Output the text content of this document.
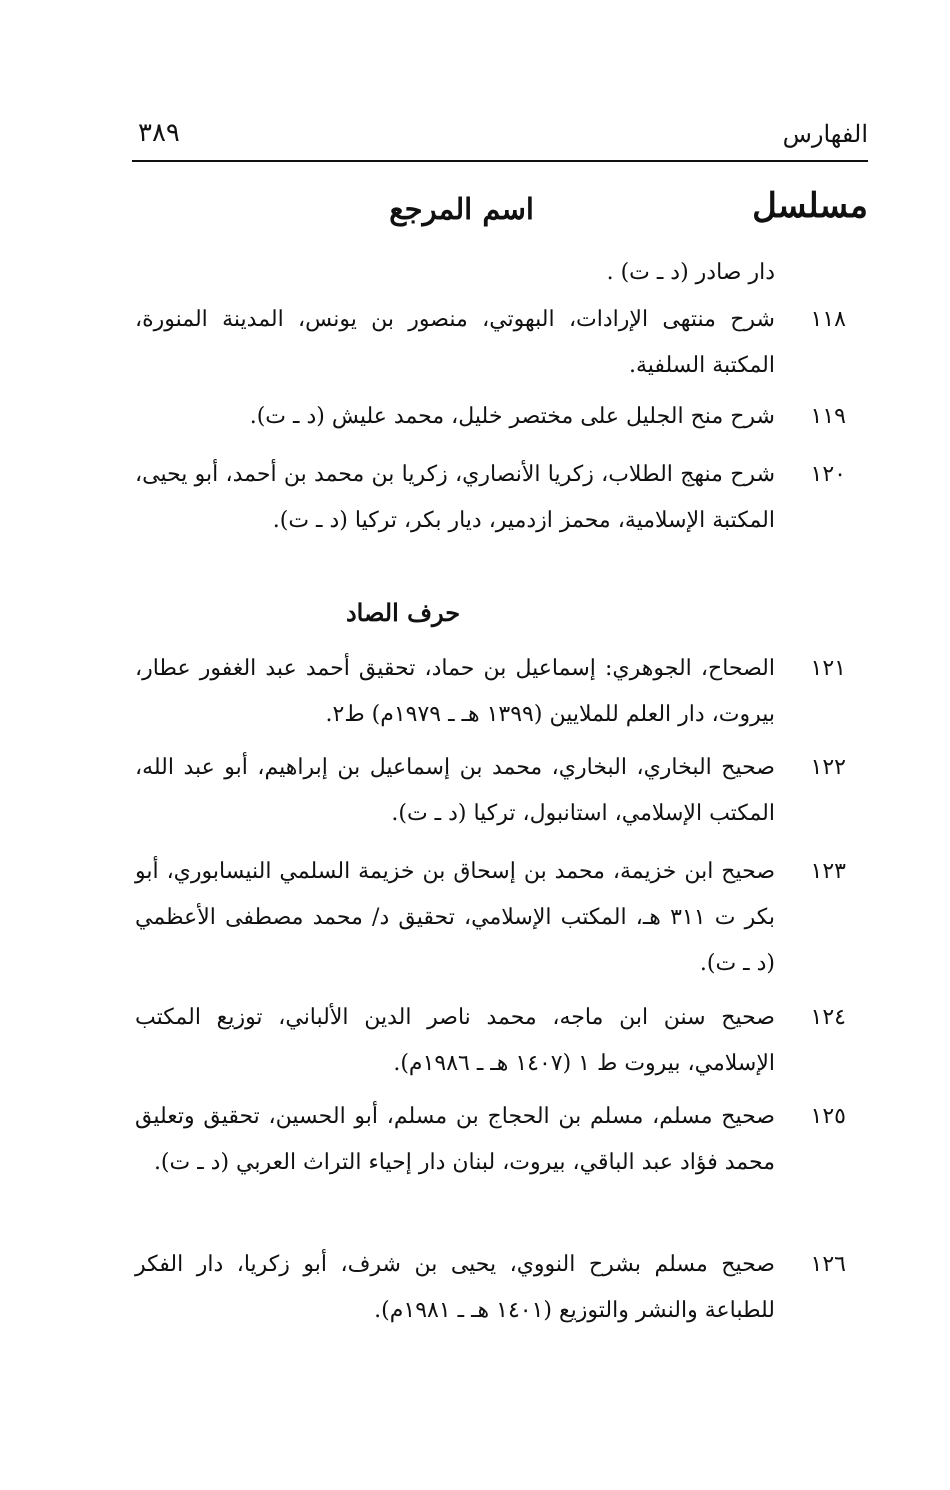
الفهارس
٣٨٩
مسلسل
اسم المرجع
دار صادر (د ـ ت) .
١١٨
شرح منتهى الإرادات، البهوتي، منصور بن يونس، المدينة المنورة، المكتبة السلفية.
١١٩
شرح منح الجليل على مختصر خليل، محمد عليش (د ـ ت).
١٢٠
شرح منهج الطلاب، زكريا الأنصاري، زكريا بن محمد بن أحمد، أبو يحيى، المكتبة الإسلامية، محمز ازدمير، ديار بكر، تركيا (د ـ ت).
حرف الصاد
١٢١
الصحاح، الجوهري: إسماعيل بن حماد، تحقيق أحمد عبد الغفور عطار، بيروت، دار العلم للملايين (١٣٩٩ هـ ـ ١٩٧٩م) ط٢.
١٢٢
صحيح البخاري، البخاري، محمد بن إسماعيل بن إبراهيم، أبو عبد الله، المكتب الإسلامي، استانبول، تركيا (د ـ ت).
١٢٣
صحيح ابن خزيمة، محمد بن إسحاق بن خزيمة السلمي النيسابوري، أبو بكر ت ٣١١ هـ، المكتب الإسلامي، تحقيق د/ محمد مصطفى الأعظمي (د ـ ت).
١٢٤
صحيح سنن ابن ماجه، محمد ناصر الدين الألباني، توزيع المكتب الإسلامي، بيروت ط ١ (١٤٠٧ هـ ـ ١٩٨٦م).
١٢٥
صحيح مسلم، مسلم بن الحجاج بن مسلم، أبو الحسين، تحقيق وتعليق محمد فؤاد عبد الباقي، بيروت، لبنان دار إحياء التراث العربي (د ـ ت).
١٢٦
صحيح مسلم بشرح النووي، يحيى بن شرف، أبو زكريا، دار الفكر للطباعة والنشر والتوزيع (١٤٠١ هـ ـ ١٩٨١م).
